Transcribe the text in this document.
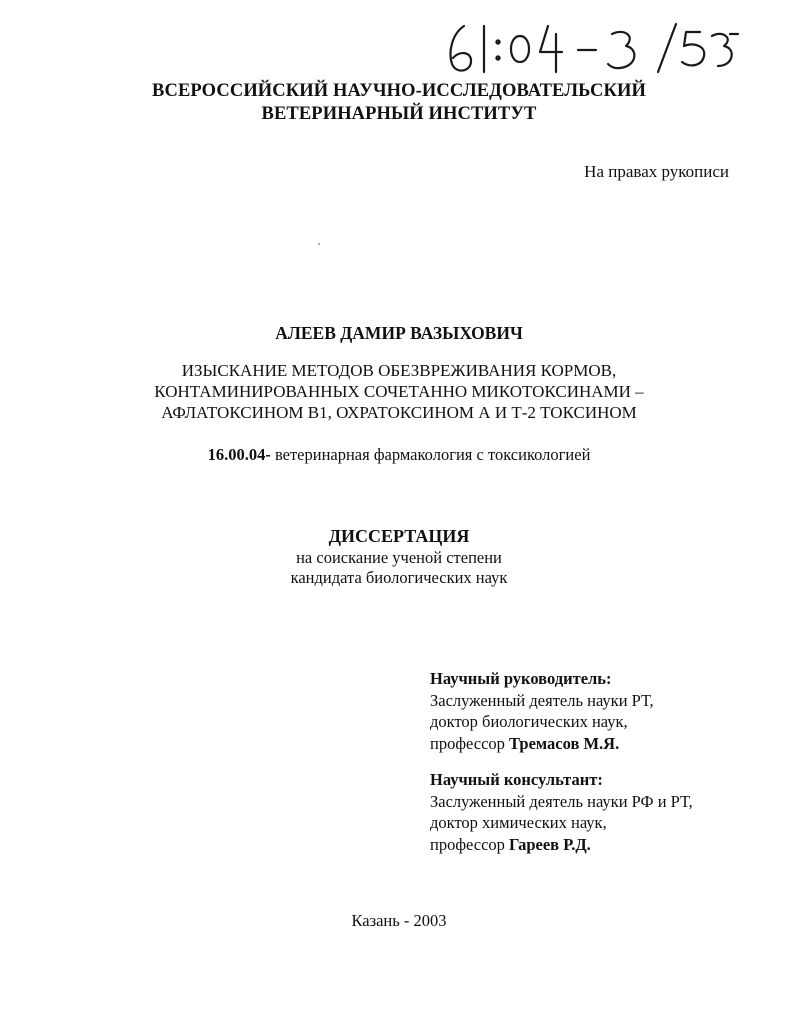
ВСЕРОССИЙСКИЙ НАУЧНО-ИССЛЕДОВАТЕЛЬСКИЙ
ВЕТЕРИНАРНЫЙ ИНСТИТУТ
На правах рукописи
АЛЕЕВ ДАМИР ВАЗЫХОВИЧ
ИЗЫСКАНИЕ МЕТОДОВ ОБЕЗВРЕЖИВАНИЯ КОРМОВ,
КОНТАМИНИРОВАННЫХ СОЧЕТАННО МИКОТОКСИНАМИ –
АФЛАТОКСИНОМ В1, ОХРАТОКСИНОМ А И Т-2 ТОКСИНОМ
16.00.04- ветеринарная фармакология с токсикологией
ДИССЕРТАЦИЯ
на соискание ученой степени
кандидата биологических наук
Научный руководитель:
Заслуженный деятель науки РТ,
доктор биологических наук,
профессор Тремасов М.Я.
Научный консультант:
Заслуженный деятель науки РФ и РТ,
доктор химических наук,
профессор Гареев Р.Д.
Казань - 2003
